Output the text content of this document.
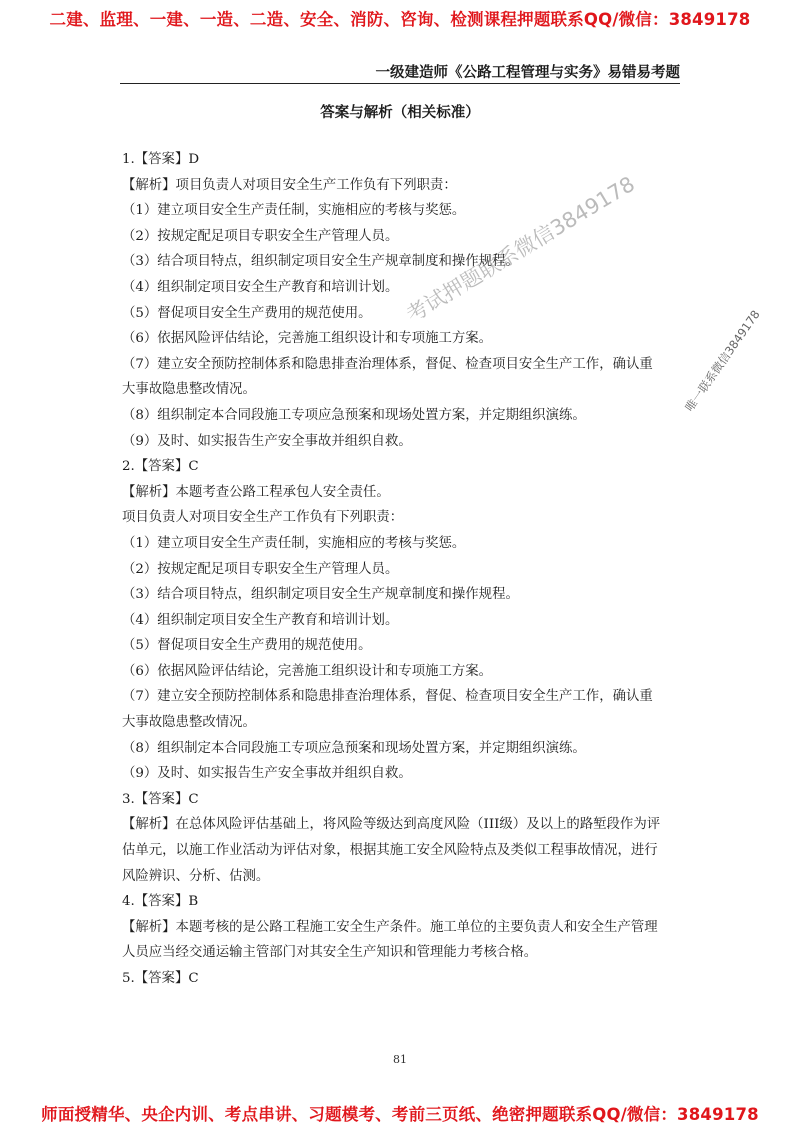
二建、监理、一建、一造、二造、安全、消防、咨询、检测课程押题联系QQ/微信：3849178
一级建造师《公路工程管理与实务》易错易考题
答案与解析（相关标准）
1.【答案】D
【解析】项目负责人对项目安全生产工作负有下列职责：
（1）建立项目安全生产责任制，实施相应的考核与奖惩。
（2）按规定配足项目专职安全生产管理人员。
（3）结合项目特点，组织制定项目安全生产规章制度和操作规程。
（4）组织制定项目安全生产教育和培训计划。
（5）督促项目安全生产费用的规范使用。
（6）依据风险评估结论，完善施工组织设计和专项施工方案。
（7）建立安全预防控制体系和隐患排查治理体系，督促、检查项目安全生产工作，确认重
大事故隐患整改情况。
（8）组织制定本合同段施工专项应急预案和现场处置方案，并定期组织演练。
（9）及时、如实报告生产安全事故并组织自救。
2.【答案】C
【解析】本题考查公路工程承包人安全责任。
项目负责人对项目安全生产工作负有下列职责：
（1）建立项目安全生产责任制，实施相应的考核与奖惩。
（2）按规定配足项目专职安全生产管理人员。
（3）结合项目特点，组织制定项目安全生产规章制度和操作规程。
（4）组织制定项目安全生产教育和培训计划。
（5）督促项目安全生产费用的规范使用。
（6）依据风险评估结论，完善施工组织设计和专项施工方案。
（7）建立安全预防控制体系和隐患排查治理体系，督促、检查项目安全生产工作，确认重
大事故隐患整改情况。
（8）组织制定本合同段施工专项应急预案和现场处置方案，并定期组织演练。
（9）及时、如实报告生产安全事故并组织自救。
3.【答案】C
【解析】在总体风险评估基础上，将风险等级达到高度风险（III级）及以上的路堑段作为评
估单元，以施工作业活动为评估对象，根据其施工安全风险特点及类似工程事故情况，进行
风险辨识、分析、估测。
4.【答案】B
【解析】本题考核的是公路工程施工安全生产条件。施工单位的主要负责人和安全生产管理
人员应当经交通运输主管部门对其安全生产知识和管理能力考核合格。
5.【答案】C
考试押题联系微信3849178
唯一联系微信3849178
81
师面授精华、央企内训、考点串讲、习题模考、考前三页纸、绝密押题联系QQ/微信：3849178
